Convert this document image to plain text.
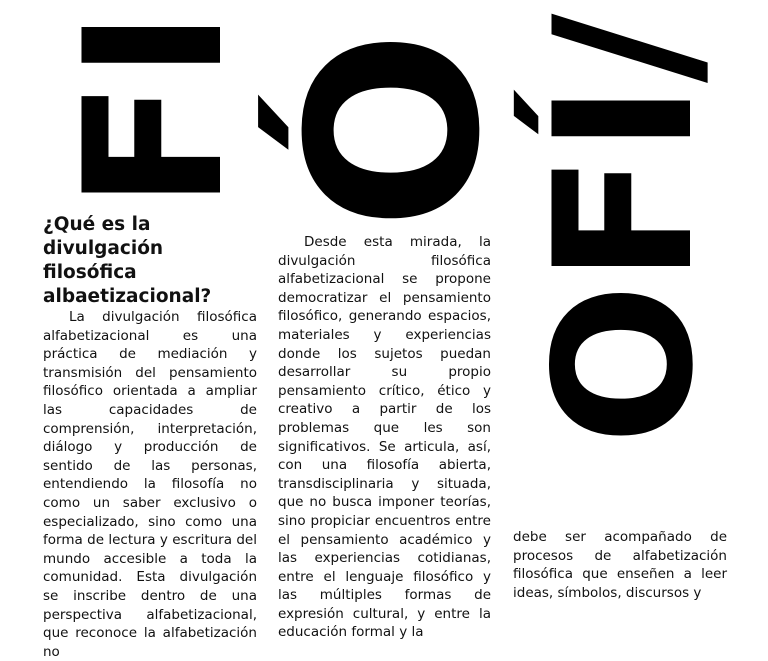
FI
Ó
OFÍ/
¿Qué es la divulgación filosófica albaetizacional?

La divulgación filosófica alfabetizacional es una práctica de mediación y transmisión del pensamiento filosófico orientada a ampliar las capacidades de comprensión, interpretación, diálogo y producción de sentido de las personas, entendiendo la filosofía no como un saber exclusivo o especializado, sino como una forma de lectura y escritura del mundo accesible a toda la comunidad. Esta divulgación se inscribe dentro de una perspectiva alfabetizacional, que reconoce la alfabetización no

Desde esta mirada, la divulgación filosófica alfabetizacional se propone democratizar el pensamiento filosófico, generando espacios, materiales y experiencias donde los sujetos puedan desarrollar su propio pensamiento crítico, ético y creativo a partir de los problemas que les son significativos. Se articula, así, con una filosofía abierta, transdisciplinaria y situada, que no busca imponer teorías, sino propiciar encuentros entre el pensamiento académico y las experiencias cotidianas, entre el lenguaje filosófico y las múltiples formas de expresión cultural, y entre la educación formal y la

debe ser acompañado de procesos de alfabetización filosófica que enseñen a leer ideas, símbolos, discursos y
